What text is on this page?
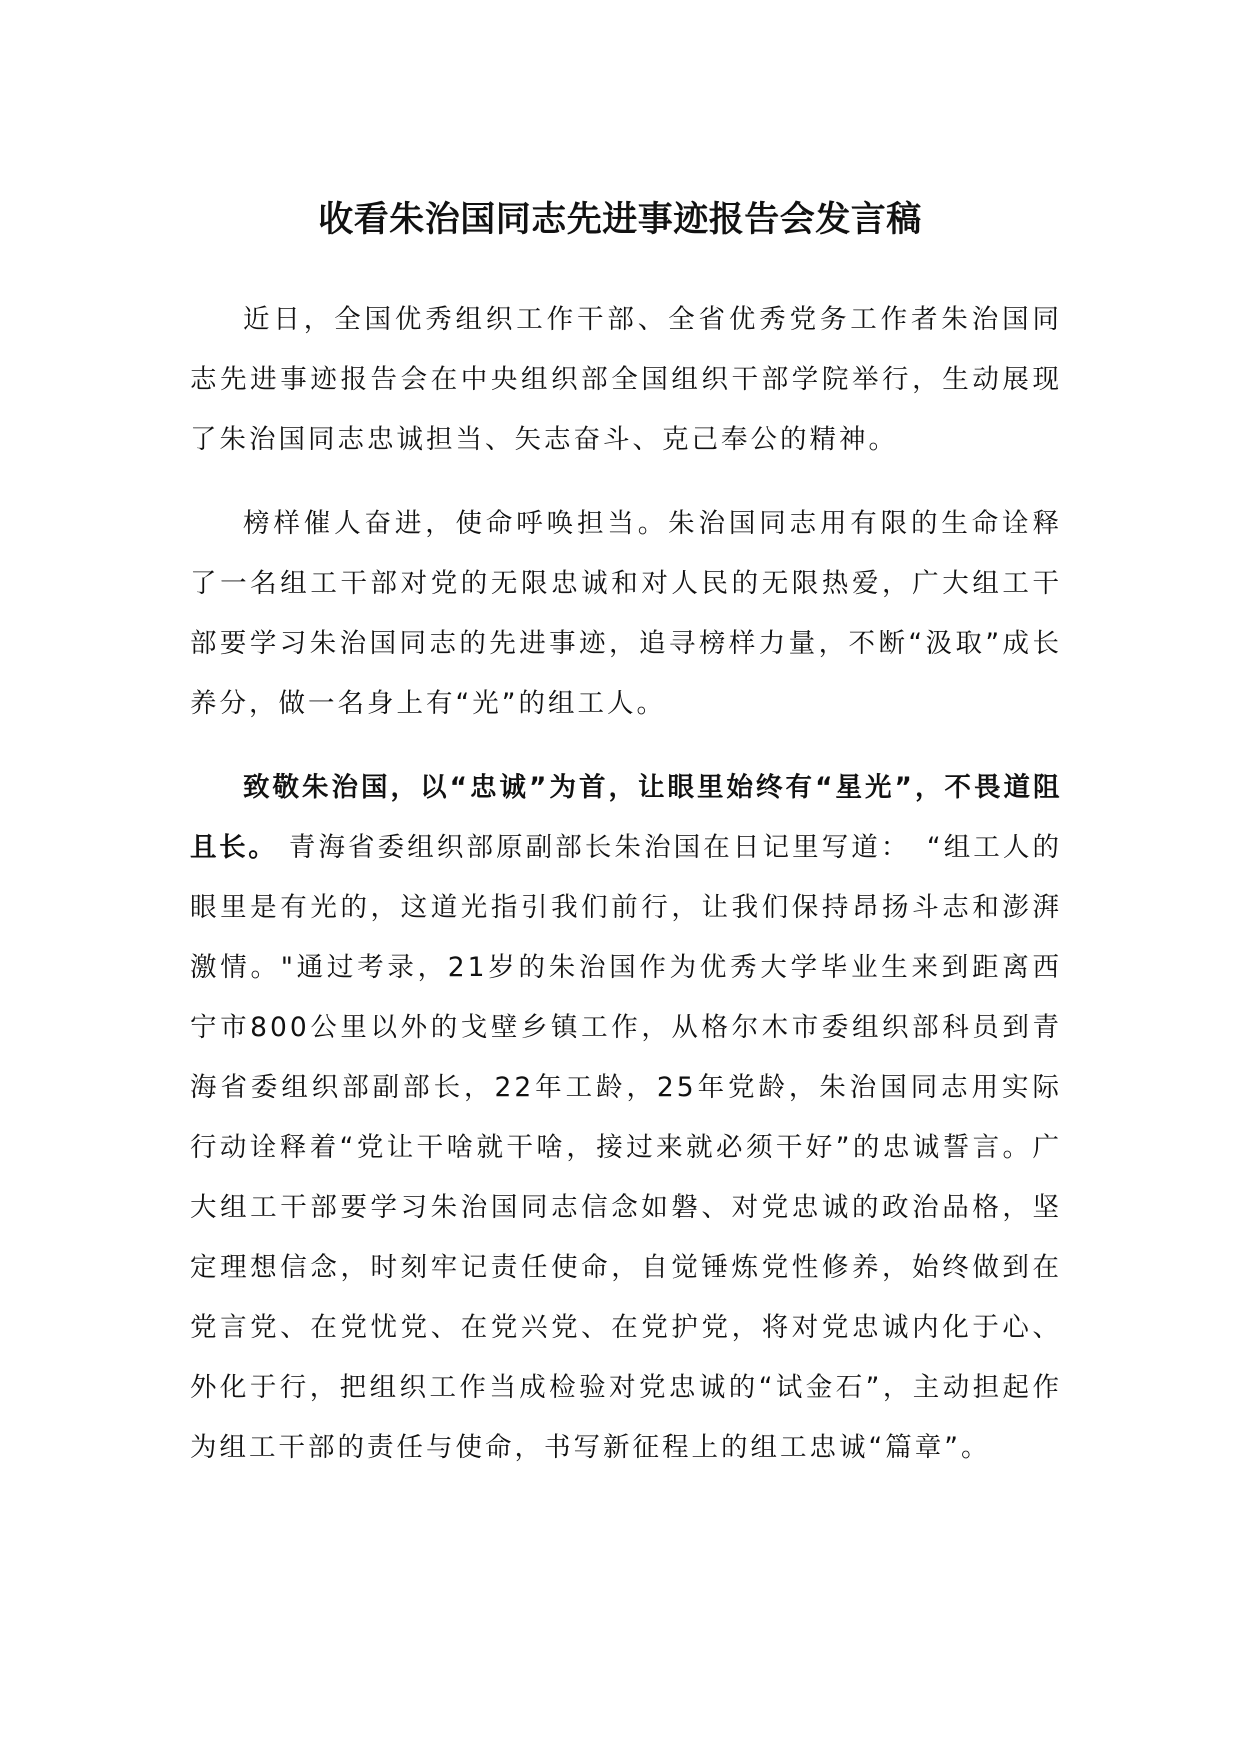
收看朱治国同志先进事迹报告会发言稿

近日，全国优秀组织工作干部、全省优秀党务工作者朱治国同志先进事迹报告会在中央组织部全国组织干部学院举行，生动展现了朱治国同志忠诚担当、矢志奋斗、克己奉公的精神。

榜样催人奋进，使命呼唤担当。朱治国同志用有限的生命诠释了一名组工干部对党的无限忠诚和对人民的无限热爱，广大组工干部要学习朱治国同志的先进事迹，追寻榜样力量，不断“汲取”成长养分，做一名身上有“光”的组工人。

致敬朱治国，以“忠诚”为首，让眼里始终有“星光”，不畏道阻且长。 青海省委组织部原副部长朱治国在日记里写道：　“组工人的眼里是有光的，这道光指引我们前行，让我们保持昂扬斗志和澎湃激情。"通过考录，21岁的朱治国作为优秀大学毕业生来到距离西宁市800公里以外的戈壁乡镇工作，从格尔木市委组织部科员到青海省委组织部副部长，22年工龄，25年党龄，朱治国同志用实际行动诠释着“党让干啥就干啥，接过来就必须干好”的忠诚誓言。广大组工干部要学习朱治国同志信念如磐、对党忠诚的政治品格，坚定理想信念，时刻牢记责任使命，自觉锤炼党性修养，始终做到在党言党、在党忧党、在党兴党、在党护党，将对党忠诚内化于心、外化于行，把组织工作当成检验对党忠诚的“试金石”，主动担起作为组工干部的责任与使命，书写新征程上的组工忠诚“篇章”。
